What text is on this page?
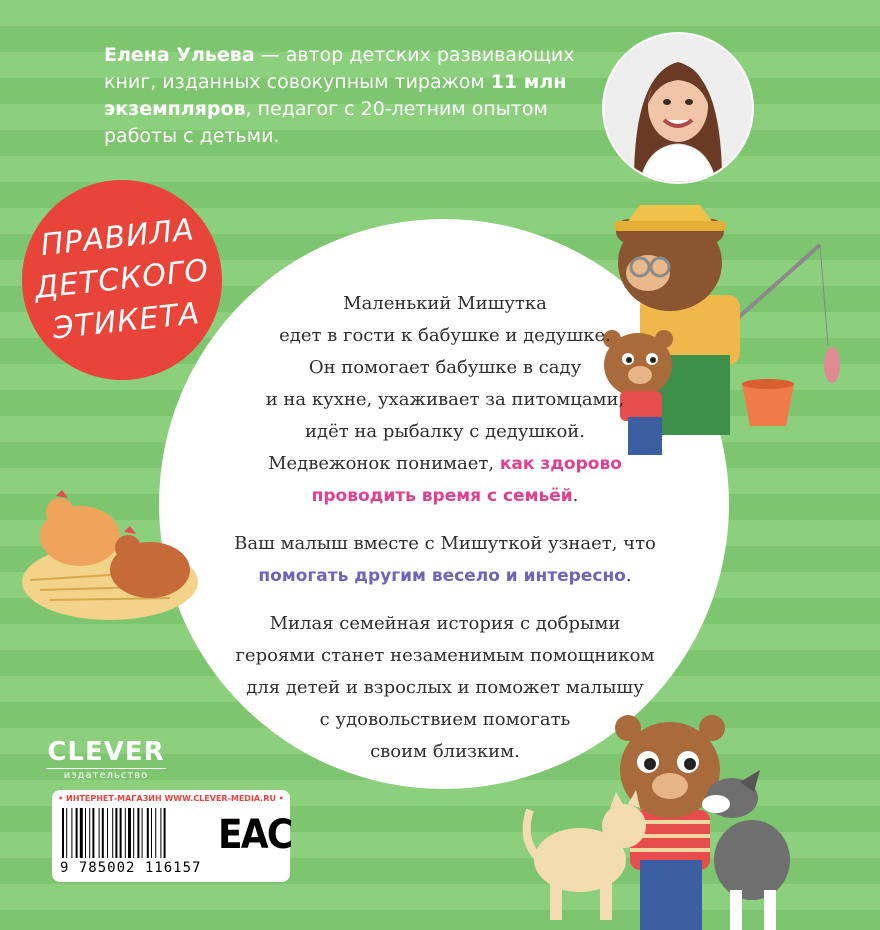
Елена Ульева — автор детских развивающих книг, изданных совокупным тиражом 11 млн экземпляров, педагог с 20-летним опытом работы с детьми.
ПРАВИЛА
ДЕТСКОГО
ЭТИКЕТА	Маленький Мишутка
едет в гости к бабушке и дедушке.
Он помогает бабушке в саду
и на кухне, ухаживает за питомцами,
идёт на рыбалку с дедушкой.
Медвежонок понимает, как здорово
проводить время с семьёй.

Ваш малыш вместе с Мишуткой узнает, что
помогать другим весело и интересно.

Милая семейная история с добрыми
героями станет незаменимым помощником
для детей и взрослых и поможет малышу
с удовольствием помогать
своим близким.

CLEVER
издательство
• ИНТЕРНЕТ-МАГАЗИН WWW.CLEVER-MEDIA.RU •
9 785002 116157
ЕАС
